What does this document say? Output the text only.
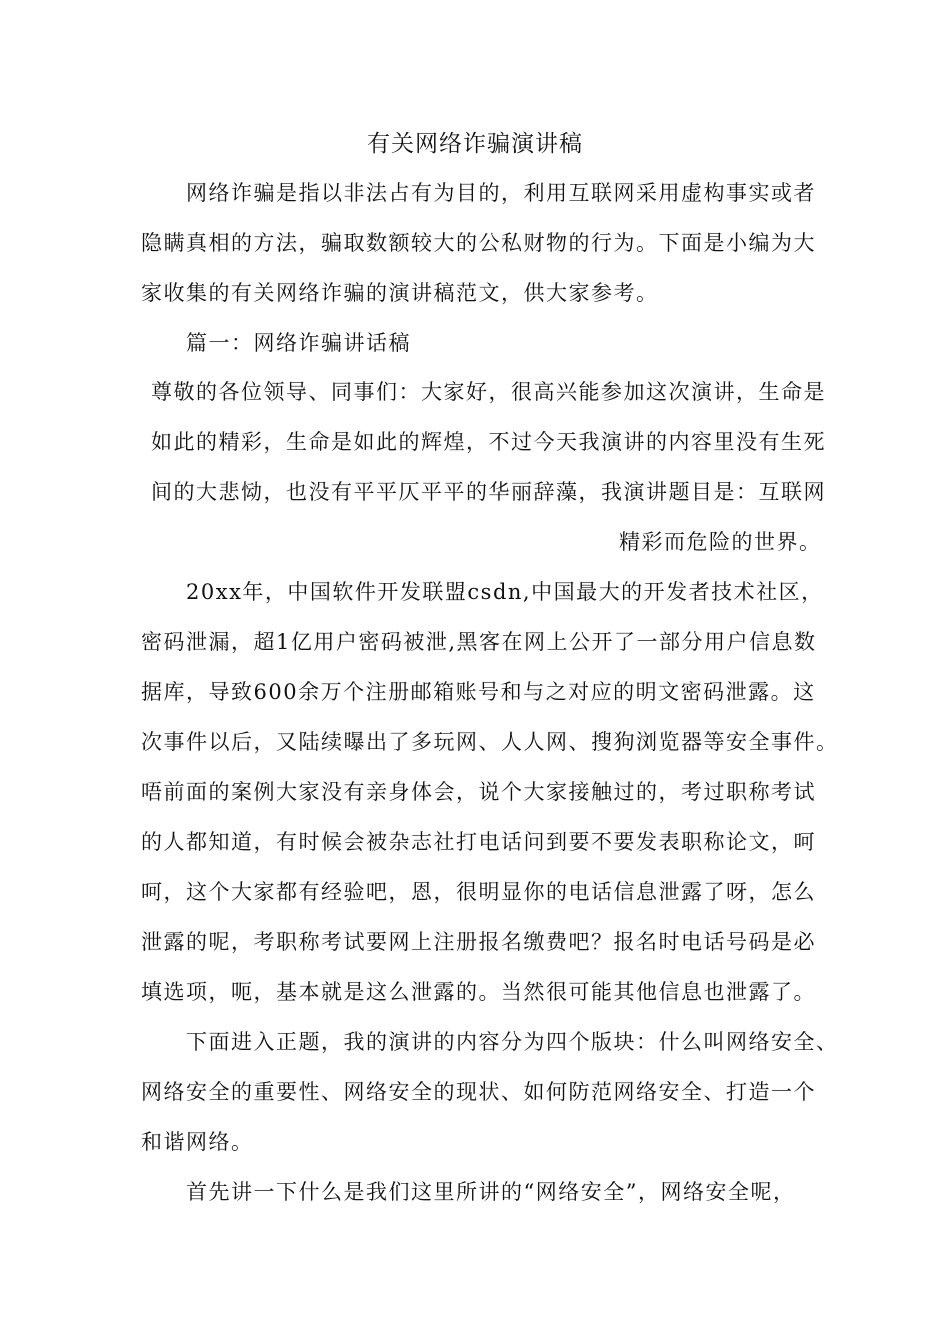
有关网络诈骗演讲稿

网络诈骗是指以非法占有为目的，利用互联网采用虚构事实或者

隐瞒真相的方法，骗取数额较大的公私财物的行为。下面是小编为大

家收集的有关网络诈骗的演讲稿范文，供大家参考。

篇一：网络诈骗讲话稿

尊敬的各位领导、同事们：大家好，很高兴能参加这次演讲，生命是

如此的精彩，生命是如此的辉煌，不过今天我演讲的内容里没有生死

间的大悲恸，也没有平平仄平平的华丽辞藻，我演讲题目是：互联网

精彩而危险的世界。

20xx年，中国软件开发联盟csdn,中国最大的开发者技术社区，

密码泄漏，超1亿用户密码被泄,黑客在网上公开了一部分用户信息数

据库，导致600余万个注册邮箱账号和与之对应的明文密码泄露。这

次事件以后，又陆续曝出了多玩网、人人网、搜狗浏览器等安全事件。

唔前面的案例大家没有亲身体会，说个大家接触过的，考过职称考试

的人都知道，有时候会被杂志社打电话问到要不要发表职称论文，呵

呵，这个大家都有经验吧，恩，很明显你的电话信息泄露了呀，怎么

泄露的呢，考职称考试要网上注册报名缴费吧？报名时电话号码是必

填选项，呃，基本就是这么泄露的。当然很可能其他信息也泄露了。

下面进入正题，我的演讲的内容分为四个版块：什么叫网络安全、

网络安全的重要性、网络安全的现状、如何防范网络安全、打造一个

和谐网络。

首先讲一下什么是我们这里所讲的“网络安全”，网络安全呢，
